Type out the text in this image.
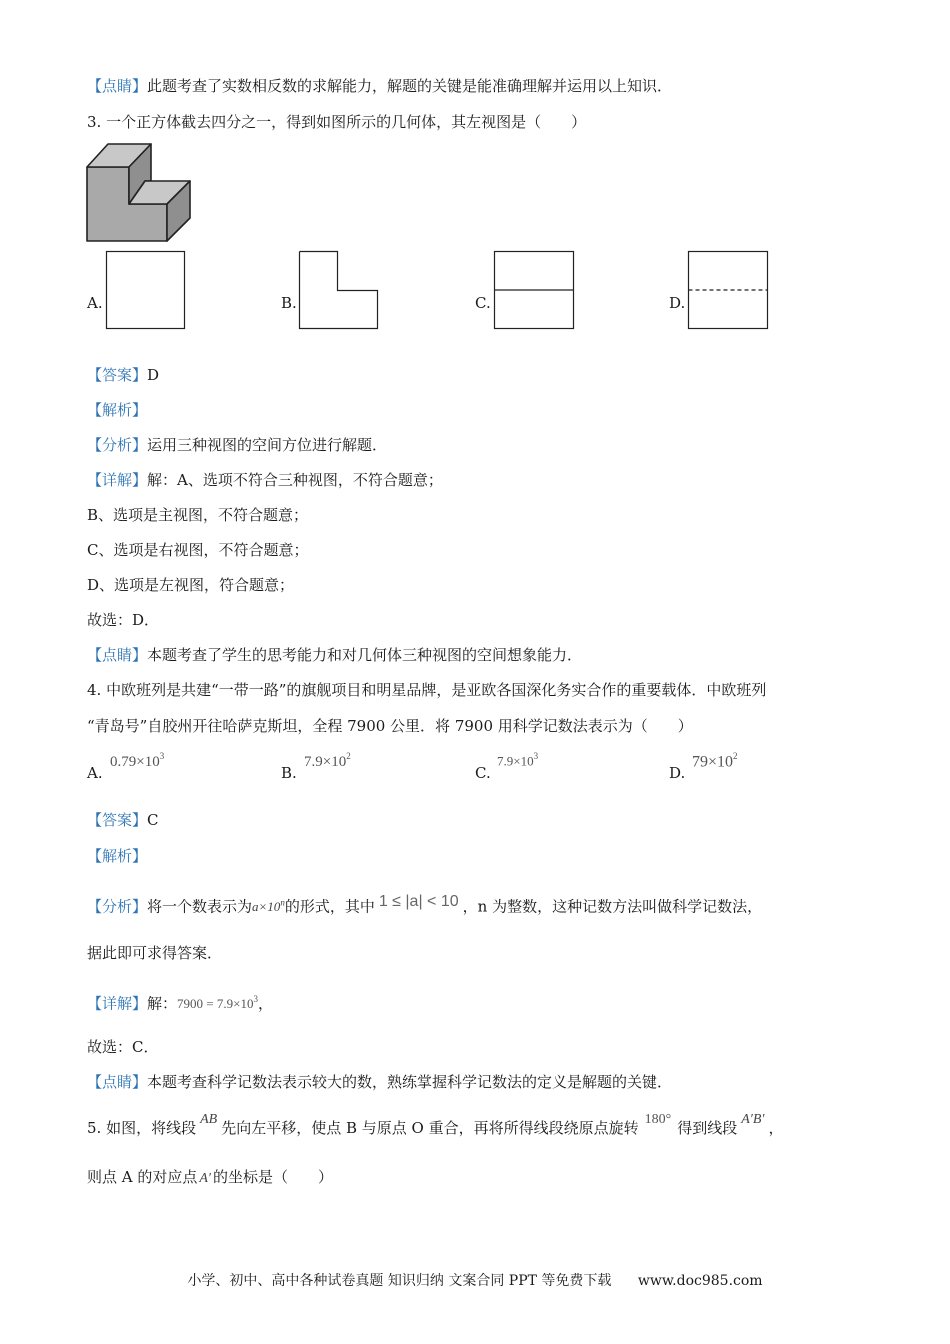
【点睛】此题考查了实数相反数的求解能力，解题的关键是能准确理解并运用以上知识．
3. 一个正方体截去四分之一，得到如图所示的几何体，其左视图是（　　）
A.	B.	C.	D.
【答案】D
【解析】
【分析】运用三种视图的空间方位进行解题．
【详解】解：A、选项不符合三种视图，不符合题意；
B、选项是主视图，不符合题意；
C、选项是右视图，不符合题意；
D、选项是左视图，符合题意；
故选：D．
【点睛】本题考查了学生的思考能力和对几何体三种视图的空间想象能力．
4. 中欧班列是共建“一带一路”的旗舰项目和明星品牌，是亚欧各国深化务实合作的重要载体．中欧班列
“青岛号”自胶州开往哈萨克斯坦，全程 7900 公里．将 7900 用科学记数法表示为（　　）
A.
$0.79\times 10^3$
B.
$7.9\times 10^2$
C.
$7.9\times 10^3$
D.
$79\times 10^2$
【答案】C
【解析】
【分析】将一个数表示为$a\times 10^n$的形式，其中 1 ≤ |a| < 10 ，n 为整数，这种记数方法叫做科学记数法，
据此即可求得答案．
【详解】解：$7900 = 7.9\times 10^3$，
故选：C．
【点睛】本题考查科学记数法表示较大的数，熟练掌握科学记数法的定义是解题的关键．
5. 如图，将线段 AB 先向左平移，使点 B 与原点 O 重合，再将所得线段绕原点旋转 180° 得到线段 A′B′ ，
则点 A 的对应点 A′ 的坐标是（　　）
小学、初中、高中各种试卷真题 知识归纳 文案合同 PPT 等免费下载 www.doc985.com
